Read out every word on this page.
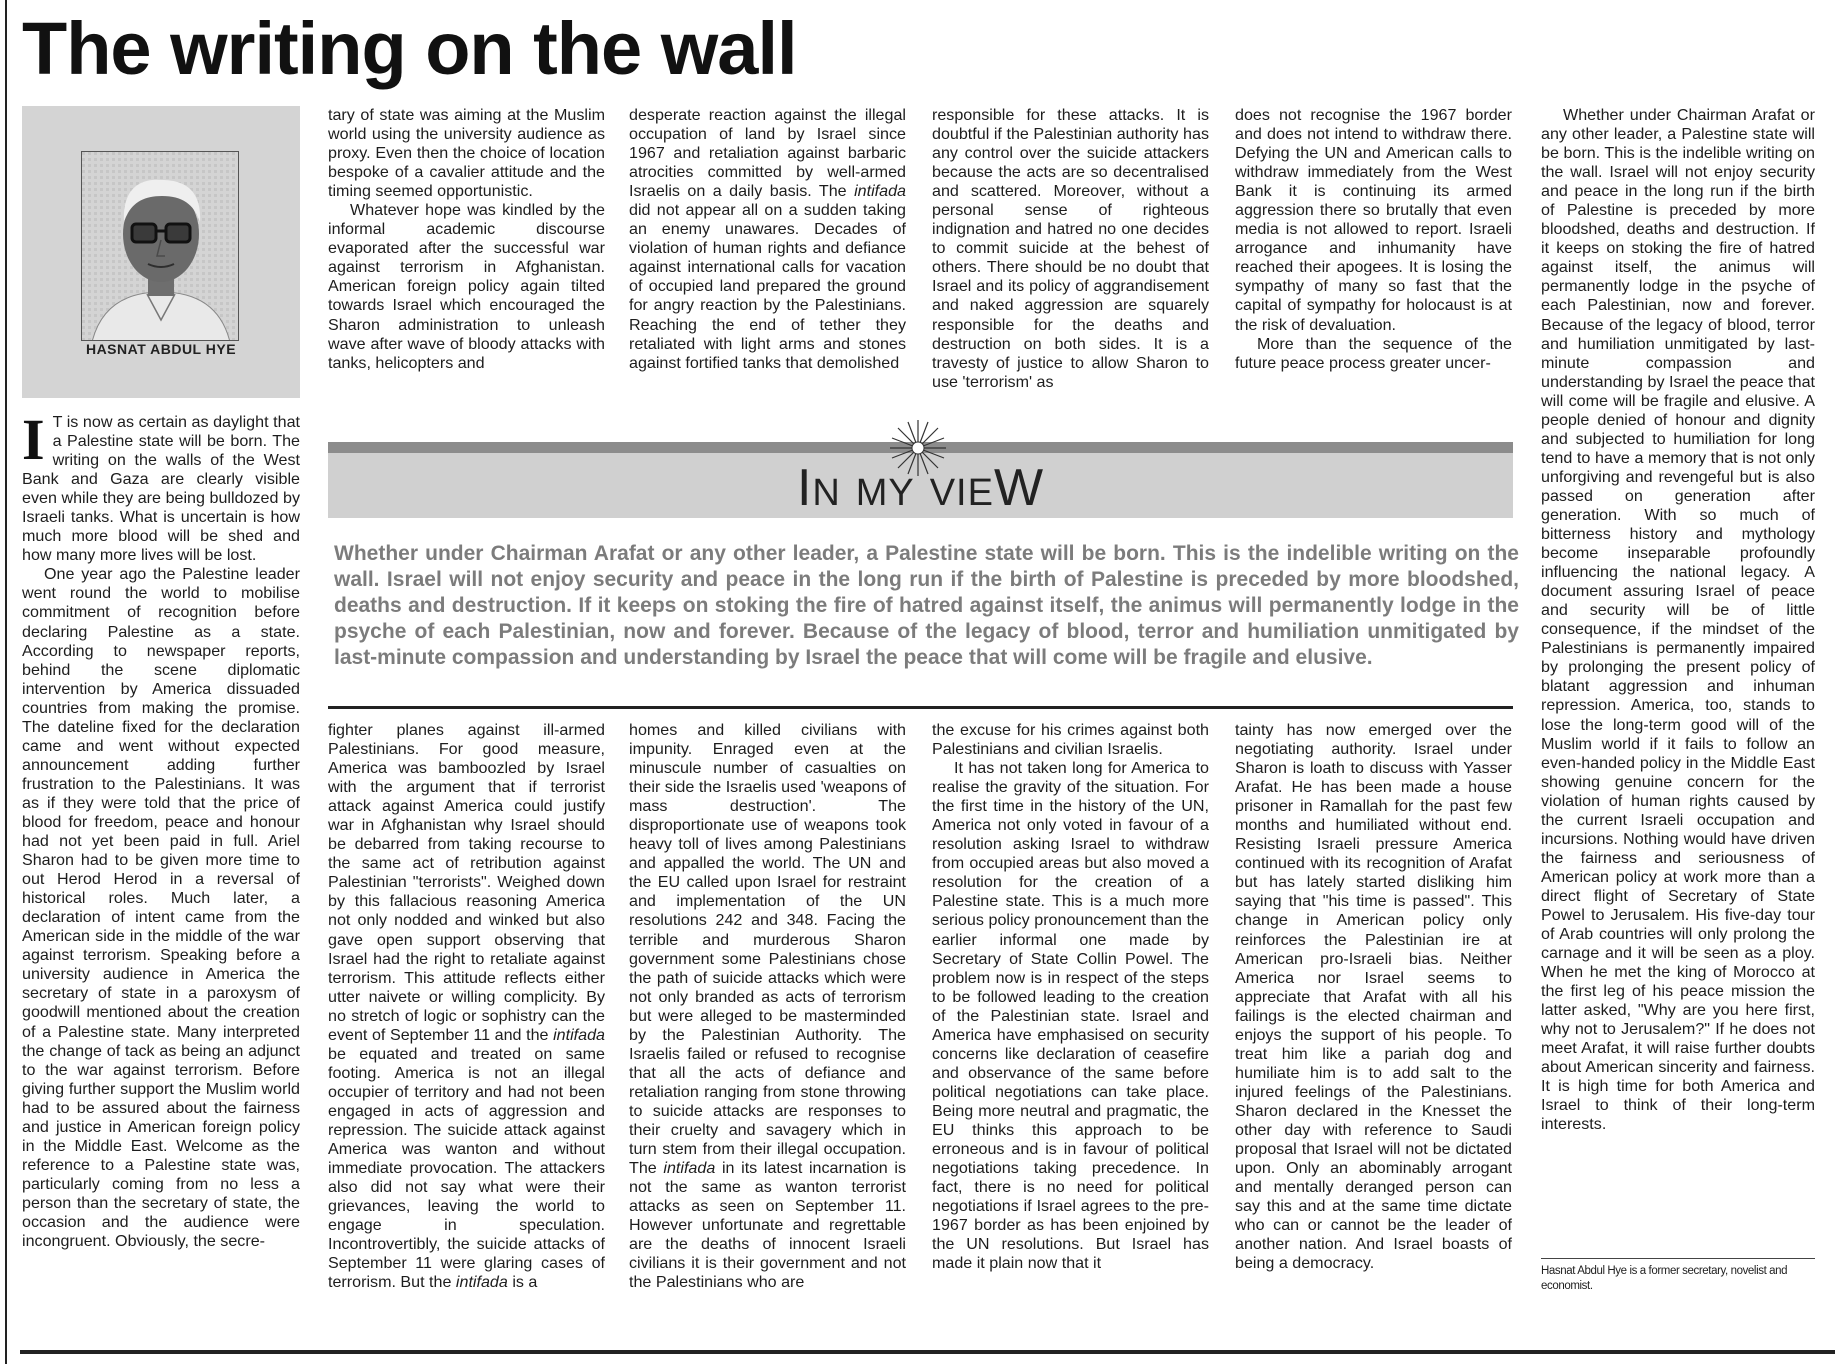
The writing on the wall
HASNAT ABDUL HYE

I T is now as certain as daylight that a Palestine state will be born. The writing on the walls of the West Bank and Gaza are clearly visible even while they are being bulldozed by Israeli tanks. What is uncertain is how much more blood will be shed and how many more lives will be lost.

One year ago the Palestine leader went round the world to mobilise commitment of recognition before declaring Palestine as a state. According to newspaper reports, behind the scene diplomatic intervention by America dissuaded countries from making the promise. The dateline fixed for the declaration came and went without expected announcement adding further frustration to the Palestinians. It was as if they were told that the price of blood for freedom, peace and honour had not yet been paid in full. Ariel Sharon had to be given more time to out Herod Herod in a reversal of historical roles. Much later, a declaration of intent came from the American side in the middle of the war against terrorism. Speaking before a university audience in America the secretary of state in a paroxysm of goodwill mentioned about the creation of a Palestine state. Many interpreted the change of tack as being an adjunct to the war against terrorism. Before giving further support the Muslim world had to be assured about the fairness and justice in American foreign policy in the Middle East. Welcome as the reference to a Palestine state was, particularly coming from no less a person than the secretary of state, the occasion and the audience were incongruent. Obviously, the secre-

tary of state was aiming at the Muslim world using the university audience as proxy. Even then the choice of location bespoke of a cavalier attitude and the timing seemed opportunistic.

Whatever hope was kindled by the informal academic discourse evaporated after the successful war against terrorism in Afghanistan. American foreign policy again tilted towards Israel which encouraged the Sharon administration to unleash wave after wave of bloody attacks with tanks, helicopters and

desperate reaction against the illegal occupation of land by Israel since 1967 and retaliation against barbaric atrocities committed by well-armed Israelis on a daily basis. The intifada did not appear all on a sudden taking an enemy unawares. Decades of violation of human rights and defiance against international calls for vacation of occupied land prepared the ground for angry reaction by the Palestinians. Reaching the end of tether they retaliated with light arms and stones against fortified tanks that demolished

responsible for these attacks. It is doubtful if the Palestinian authority has any control over the suicide attackers because the acts are so decentralised and scattered. Moreover, without a personal sense of righteous indignation and hatred no one decides to commit suicide at the behest of others. There should be no doubt that Israel and its policy of aggrandisement and naked aggression are squarely responsible for the deaths and destruction on both sides. It is a travesty of justice to allow Sharon to use 'terrorism' as

does not recognise the 1967 border and does not intend to withdraw there. Defying the UN and American calls to withdraw immediately from the West Bank it is continuing its armed aggression there so brutally that even media is not allowed to report. Israeli arrogance and inhumanity have reached their apogees. It is losing the sympathy of many so fast that the capital of sympathy for holocaust is at the risk of devaluation.

More than the sequence of the future peace process greater uncer-

Whether under Chairman Arafat or any other leader, a Palestine state will be born. This is the indelible writing on the wall. Israel will not enjoy security and peace in the long run if the birth of Palestine is preceded by more bloodshed, deaths and destruction. If it keeps on stoking the fire of hatred against itself, the animus will permanently lodge in the psyche of each Palestinian, now and forever. Because of the legacy of blood, terror and humiliation unmitigated by last-minute compassion and understanding by Israel the peace that will come will be fragile and elusive. A people denied of honour and dignity and subjected to humiliation for long tend to have a memory that is not only unforgiving and revengeful but is also passed on generation after generation. With so much of bitterness history and mythology become inseparable profoundly influencing the national legacy. A document assuring Israel of peace and security will be of little consequence, if the mindset of the Palestinians is permanently impaired by prolonging the present policy of blatant aggression and inhuman repression. America, too, stands to lose the long-term good will of the Muslim world if it fails to follow an even-handed policy in the Middle East showing genuine concern for the violation of human rights caused by the current Israeli occupation and incursions. Nothing would have driven the fairness and seriousness of American policy at work more than a direct flight of Secretary of State Powel to Jerusalem. His five-day tour of Arab countries will only prolong the carnage and it will be seen as a ploy. When he met the king of Morocco at the first leg of his peace mission the latter asked, "Why are you here first, why not to Jerusalem?" If he does not meet Arafat, it will raise further doubts about American sincerity and fairness. It is high time for both America and Israel to think of their long-term interests.

IN MY VIEW
Whether under Chairman Arafat or any other leader, a Palestine state will be born. This is the indelible writing on the wall. Israel will not enjoy security and peace in the long run if the birth of Palestine is preceded by more bloodshed, deaths and destruction. If it keeps on stoking the fire of hatred against itself, the animus will permanently lodge in the psyche of each Palestinian, now and forever. Because of the legacy of blood, terror and humiliation unmitigated by last-minute compassion and understanding by Israel the peace that will come will be fragile and elusive.

fighter planes against ill-armed Palestinians. For good measure, America was bamboozled by Israel with the argument that if terrorist attack against America could justify war in Afghanistan why Israel should be debarred from taking recourse to the same act of retribution against Palestinian "terrorists". Weighed down by this fallacious reasoning America not only nodded and winked but also gave open support observing that Israel had the right to retaliate against terrorism. This attitude reflects either utter naivete or willing complicity. By no stretch of logic or sophistry can the event of September 11 and the intifada be equated and treated on same footing. America is not an illegal occupier of territory and had not been engaged in acts of aggression and repression. The suicide attack against America was wanton and without immediate provocation. The attackers also did not say what were their grievances, leaving the world to engage in speculation. Incontrovertibly, the suicide attacks of September 11 were glaring cases of terrorism. But the intifada is a

homes and killed civilians with impunity. Enraged even at the minuscule number of casualties on their side the Israelis used 'weapons of mass destruction'. The disproportionate use of weapons took heavy toll of lives among Palestinians and appalled the world. The UN and the EU called upon Israel for restraint and implementation of the UN resolutions 242 and 348. Facing the terrible and murderous Sharon government some Palestinians chose the path of suicide attacks which were not only branded as acts of terrorism but were alleged to be masterminded by the Palestinian Authority. The Israelis failed or refused to recognise that all the acts of defiance and retaliation ranging from stone throwing to suicide attacks are responses to their cruelty and savagery which in turn stem from their illegal occupation. The intifada in its latest incarnation is not the same as wanton terrorist attacks as seen on September 11. However unfortunate and regrettable are the deaths of innocent Israeli civilians it is their government and not the Palestinians who are

the excuse for his crimes against both Palestinians and civilian Israelis.

It has not taken long for America to realise the gravity of the situation. For the first time in the history of the UN, America not only voted in favour of a resolution asking Israel to withdraw from occupied areas but also moved a resolution for the creation of a Palestine state. This is a much more serious policy pronouncement than the earlier informal one made by Secretary of State Collin Powel. The problem now is in respect of the steps to be followed leading to the creation of the Palestinian state. Israel and America have emphasised on security concerns like declaration of ceasefire and observance of the same before political negotiations can take place. Being more neutral and pragmatic, the EU thinks this approach to be erroneous and is in favour of political negotiations taking precedence. In fact, there is no need for political negotiations if Israel agrees to the pre-1967 border as has been enjoined by the UN resolutions. But Israel has made it plain now that it

tainty has now emerged over the negotiating authority. Israel under Sharon is loath to discuss with Yasser Arafat. He has been made a house prisoner in Ramallah for the past few months and humiliated without end. Resisting Israeli pressure America continued with its recognition of Arafat but has lately started disliking him saying that "his time is passed". This change in American policy only reinforces the Palestinian ire at American pro-Israeli bias. Neither America nor Israel seems to appreciate that Arafat with all his failings is the elected chairman and enjoys the support of his people. To treat him like a pariah dog and humiliate him is to add salt to the injured feelings of the Palestinians. Sharon declared in the Knesset the other day with reference to Saudi proposal that Israel will not be dictated upon. Only an abominably arrogant and mentally deranged person can say this and at the same time dictate who can or cannot be the leader of another nation. And Israel boasts of being a democracy.	Hasnat Abdul Hye is a former secretary, novelist and economist.
